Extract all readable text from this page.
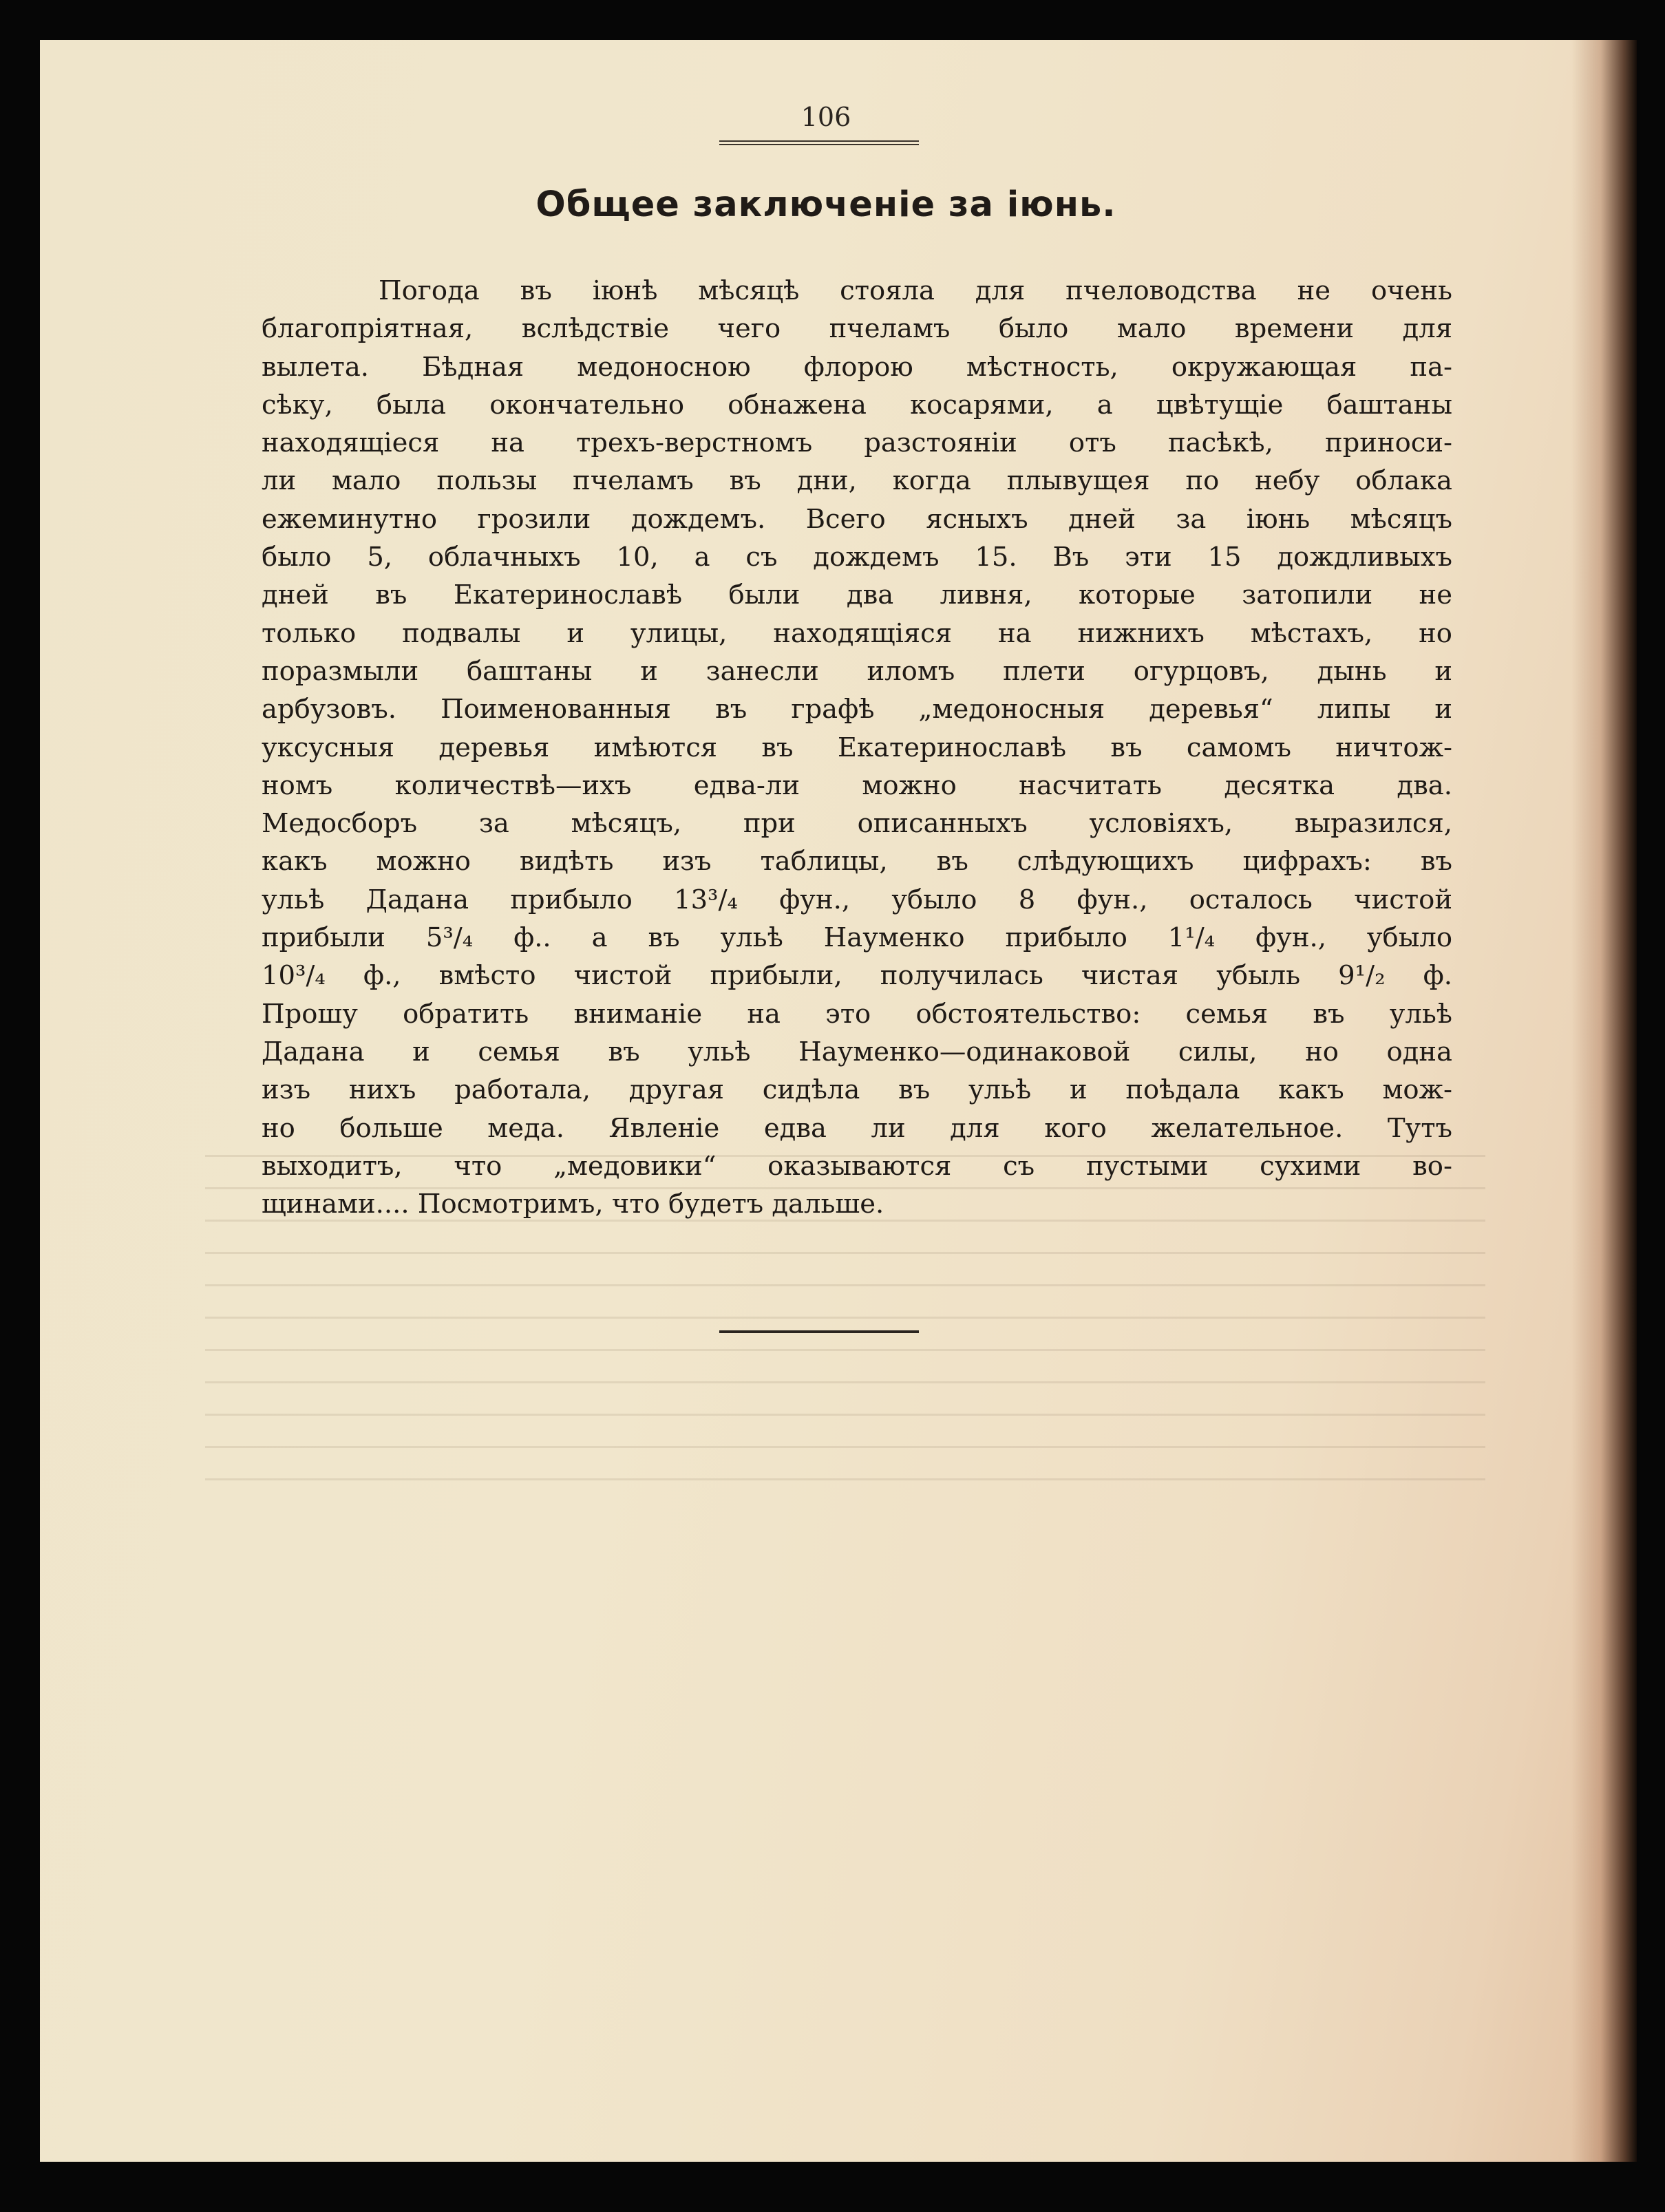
106
Общее заключенiе за iюнь.
Погода въ iюнѣ мѣсяцѣ стояла для пчеловодства не очень
благопрiятная, вслѣдствiе чего пчеламъ было мало времени для
вылета. Бѣдная медоносною флорою мѣстность, окружающая па-
сѣку, была окончательно обнажена косарями, а цвѣтущiе баштаны
находящiеся на трехъ-верстномъ разстоянiи отъ пасѣкѣ, приноси-
ли мало пользы пчеламъ въ дни, когда плывущея по небу облака
ежеминутно грозили дождемъ. Всего ясныхъ дней за iюнь мѣсяцъ
было 5, облачныхъ 10, а съ дождемъ 15. Въ эти 15 дождливыхъ
дней въ Екатеринославѣ были два ливня, которые затопили не
только подвалы и улицы, находящiяся на нижнихъ мѣстахъ, но
поразмыли баштаны и занесли иломъ плети огурцовъ, дынь и
арбузовъ. Поименованныя въ графѣ „медоносныя деревья“ липы и
уксусныя деревья имѣются въ Екатеринославѣ въ самомъ ничтож-
номъ количествѣ—ихъ едва-ли можно насчитать десятка два.
Медосборъ за мѣсяцъ, при описанныхъ условiяхъ, выразился,
какъ можно видѣть изъ таблицы, въ слѣдующихъ цифрахъ: въ
ульѣ Дадана прибыло 13³/₄ фун., убыло 8 фун., осталось чистой
прибыли 5³/₄ ф.. а въ ульѣ Науменко прибыло 1¹/₄ фун., убыло
10³/₄ ф., вмѣсто чистой прибыли, получилась чистая убыль 9¹/₂ ф.
Прошу обратить вниманiе на это обстоятельство: семья въ ульѣ
Дадана и семья въ ульѣ Науменко—одинаковой силы, но одна
изъ нихъ работала, другая сидѣла въ ульѣ и поѣдала какъ мож-
но больше меда. Явленiе едва ли для кого желательное. Тутъ
выходитъ, что „медовики“ оказываются съ пустыми сухими во-
щинами.... Посмотримъ, что будетъ дальше.
